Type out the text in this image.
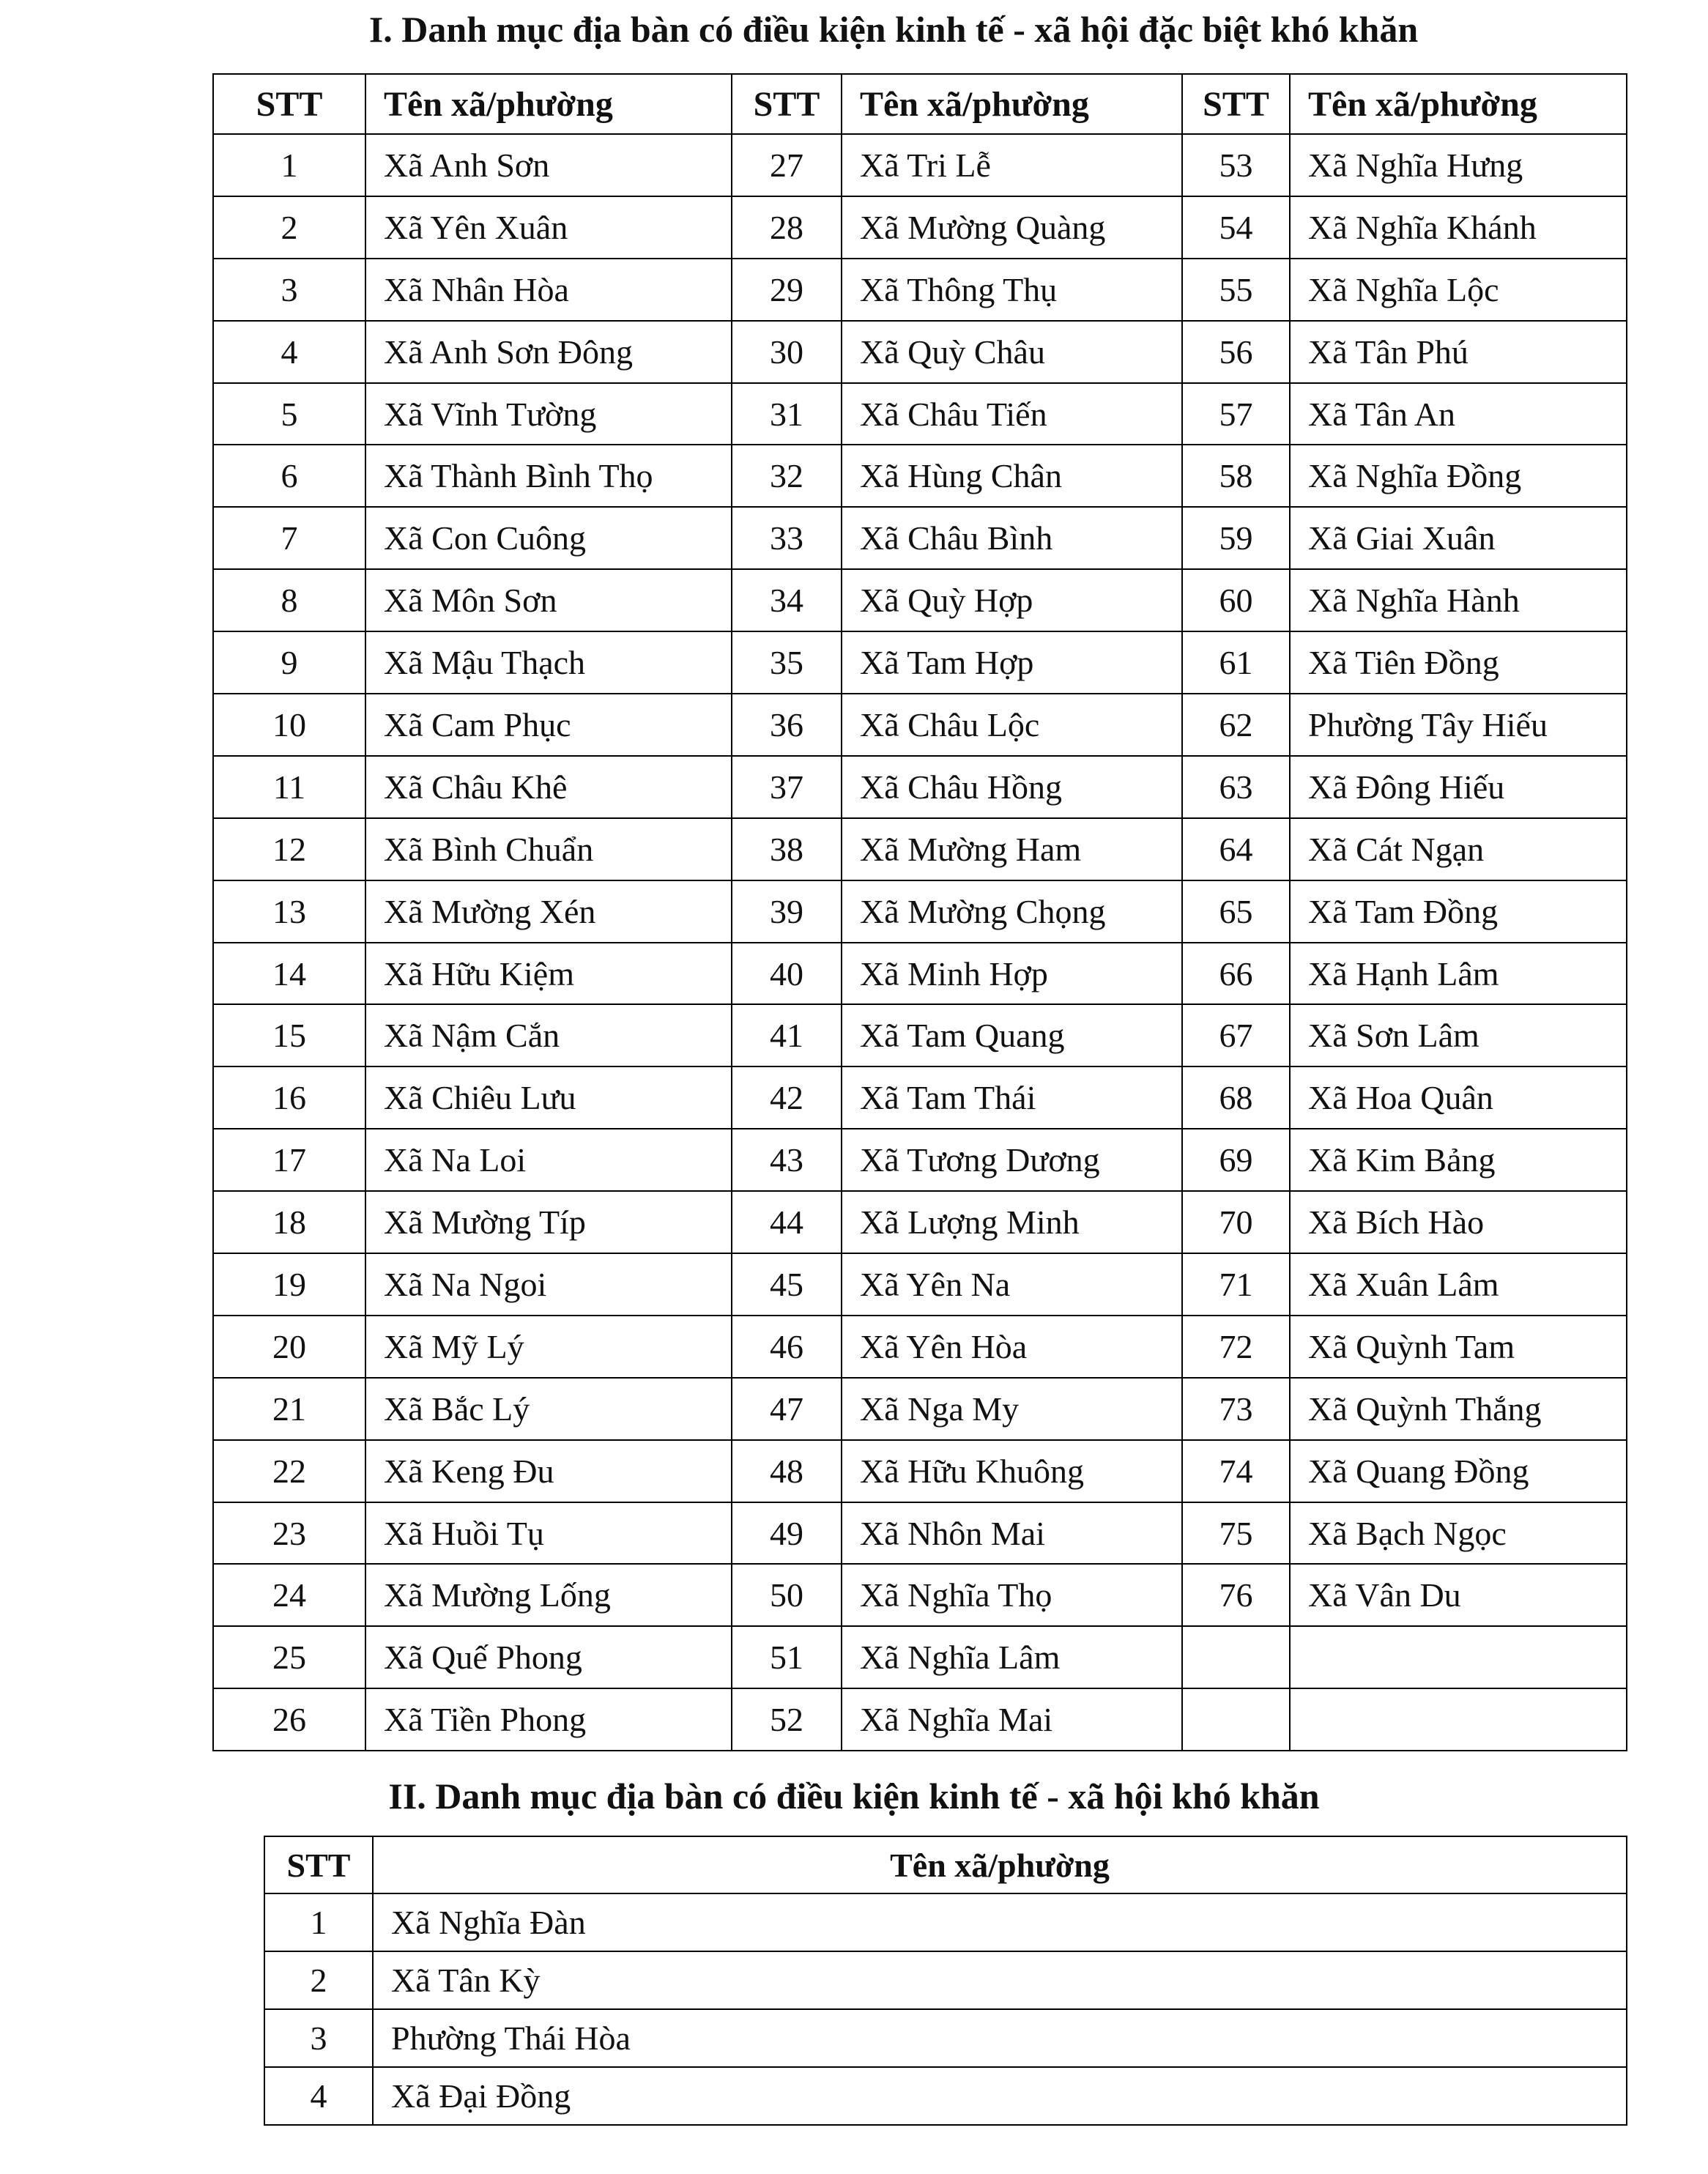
I. Danh mục địa bàn có điều kiện kinh tế - xã hội đặc biệt khó khăn
STT	Tên xã/phường	STT	Tên xã/phường	STT	Tên xã/phường
1	Xã Anh Sơn	27	Xã Tri Lễ	53	Xã Nghĩa Hưng
2	Xã Yên Xuân	28	Xã Mường Quàng	54	Xã Nghĩa Khánh
3	Xã Nhân Hòa	29	Xã Thông Thụ	55	Xã Nghĩa Lộc
4	Xã Anh Sơn Đông	30	Xã Quỳ Châu	56	Xã Tân Phú
5	Xã Vĩnh Tường	31	Xã Châu Tiến	57	Xã Tân An
6	Xã Thành Bình Thọ	32	Xã Hùng Chân	58	Xã Nghĩa Đồng
7	Xã Con Cuông	33	Xã Châu Bình	59	Xã Giai Xuân
8	Xã Môn Sơn	34	Xã Quỳ Hợp	60	Xã Nghĩa Hành
9	Xã Mậu Thạch	35	Xã Tam Hợp	61	Xã Tiên Đồng
10	Xã Cam Phục	36	Xã Châu Lộc	62	Phường Tây Hiếu
11	Xã Châu Khê	37	Xã Châu Hồng	63	Xã Đông Hiếu
12	Xã Bình Chuẩn	38	Xã Mường Ham	64	Xã Cát Ngạn
13	Xã Mường Xén	39	Xã Mường Chọng	65	Xã Tam Đồng
14	Xã Hữu Kiệm	40	Xã Minh Hợp	66	Xã Hạnh Lâm
15	Xã Nậm Cắn	41	Xã Tam Quang	67	Xã Sơn Lâm
16	Xã Chiêu Lưu	42	Xã Tam Thái	68	Xã Hoa Quân
17	Xã Na Loi	43	Xã Tương Dương	69	Xã Kim Bảng
18	Xã Mường Típ	44	Xã Lượng Minh	70	Xã Bích Hào
19	Xã Na Ngoi	45	Xã Yên Na	71	Xã Xuân Lâm
20	Xã Mỹ Lý	46	Xã Yên Hòa	72	Xã Quỳnh Tam
21	Xã Bắc Lý	47	Xã Nga My	73	Xã Quỳnh Thắng
22	Xã Keng Đu	48	Xã Hữu Khuông	74	Xã Quang Đồng
23	Xã Huồi Tụ	49	Xã Nhôn Mai	75	Xã Bạch Ngọc
24	Xã Mường Lống	50	Xã Nghĩa Thọ	76	Xã Vân Du
25	Xã Quế Phong	51	Xã Nghĩa Lâm		
26	Xã Tiền Phong	52	Xã Nghĩa Mai		
II. Danh mục địa bàn có điều kiện kinh tế - xã hội khó khăn
STT	Tên xã/phường
1	Xã Nghĩa Đàn
2	Xã Tân Kỳ
3	Phường Thái Hòa
4	Xã Đại Đồng
